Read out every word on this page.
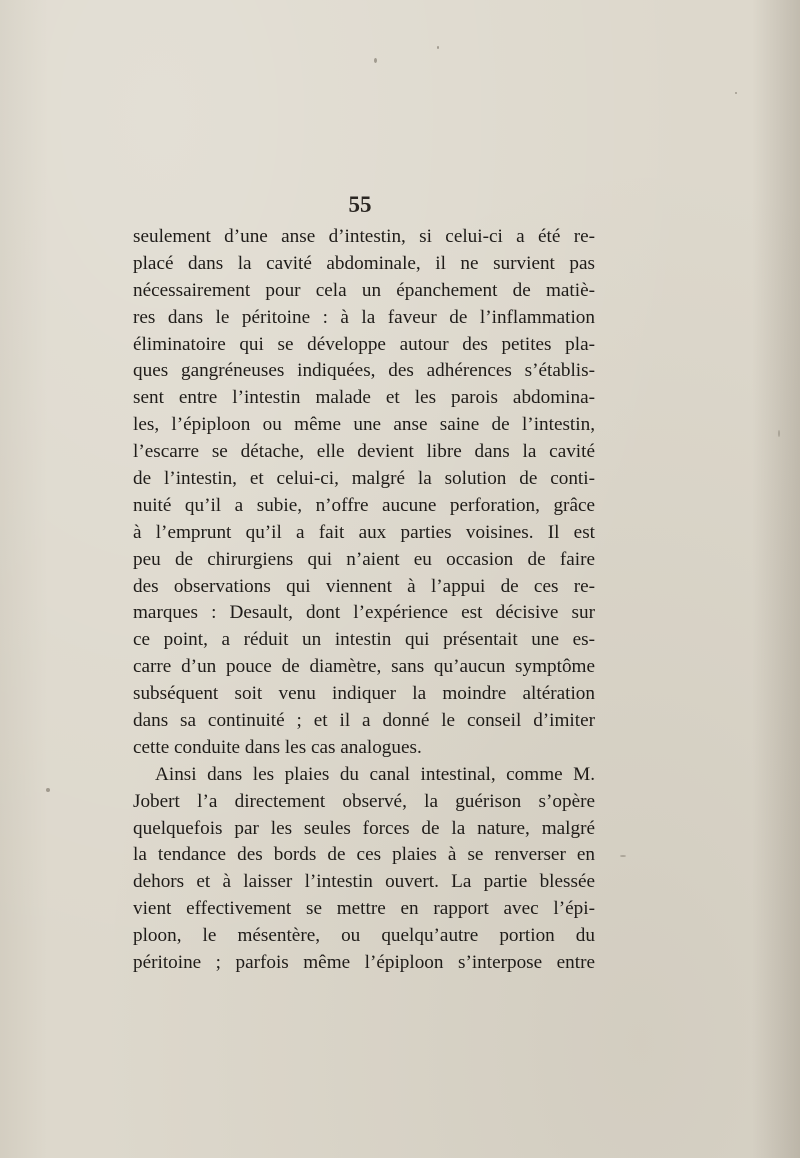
55
seulement d’une anse d’intestin, si celui-ci a été re-
placé dans la cavité abdominale, il ne survient pas
nécessairement pour cela un épanchement de matiè-
res dans le péritoine : à la faveur de l’inflammation
éliminatoire qui se développe autour des petites pla-
ques gangréneuses indiquées, des adhérences s’établis-
sent entre l’intestin malade et les parois abdomina-
les, l’épiploon ou même une anse saine de l’intestin,
l’escarre se détache, elle devient libre dans la cavité
de l’intestin, et celui-ci, malgré la solution de conti-
nuité qu’il a subie, n’offre aucune perforation, grâce
à l’emprunt qu’il a fait aux parties voisines. Il est
peu de chirurgiens qui n’aient eu occasion de faire
des observations qui viennent à l’appui de ces re-
marques : Desault, dont l’expérience est décisive sur
ce point, a réduit un intestin qui présentait une es-
carre d’un pouce de diamètre, sans qu’aucun symptôme
subséquent soit venu indiquer la moindre altération
dans sa continuité ; et il a donné le conseil d’imiter
cette conduite dans les cas analogues.
Ainsi dans les plaies du canal intestinal, comme M.
Jobert l’a directement observé, la guérison s’opère
quelquefois par les seules forces de la nature, malgré
la tendance des bords de ces plaies à se renverser en
dehors et à laisser l’intestin ouvert. La partie blessée
vient effectivement se mettre en rapport avec l’épi-
ploon, le mésentère, ou quelqu’autre portion du
péritoine ; parfois même l’épiploon s’interpose entre
